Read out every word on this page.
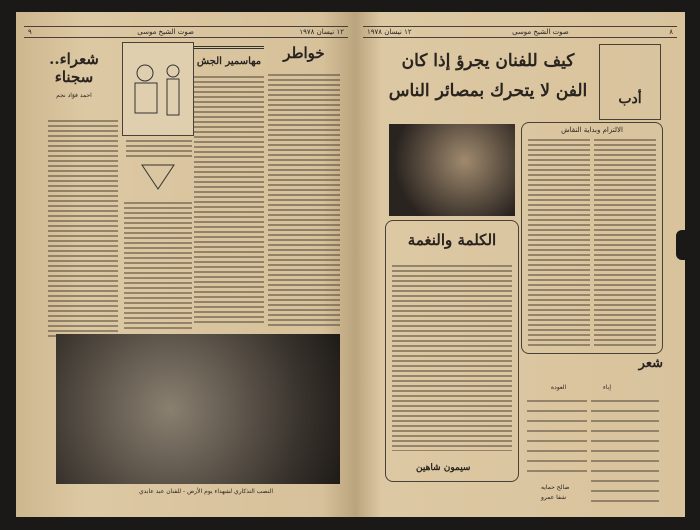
١٢ نيسان ١٩٧٨
صوت الشيخ موسى
٩
شعراء..
سجناء
احمد فؤاد نجم
مهاسمير الجش	خواطر
النصب التذكاري لشهداء يوم الأرض - للفنان عبد عابدي
٨
صوت الشيخ موسى
١٢ نيسان ١٩٧٨
كيف للفنان يجرؤ إذا كان
الفن لا يتحرك بمصائر الناس	أدب
الالتزام وبداية النقاش
الكلمة والنغمة
سيمون شاهين
شعر
إباء
العودة
صالح حمايه
شفا عمرو
